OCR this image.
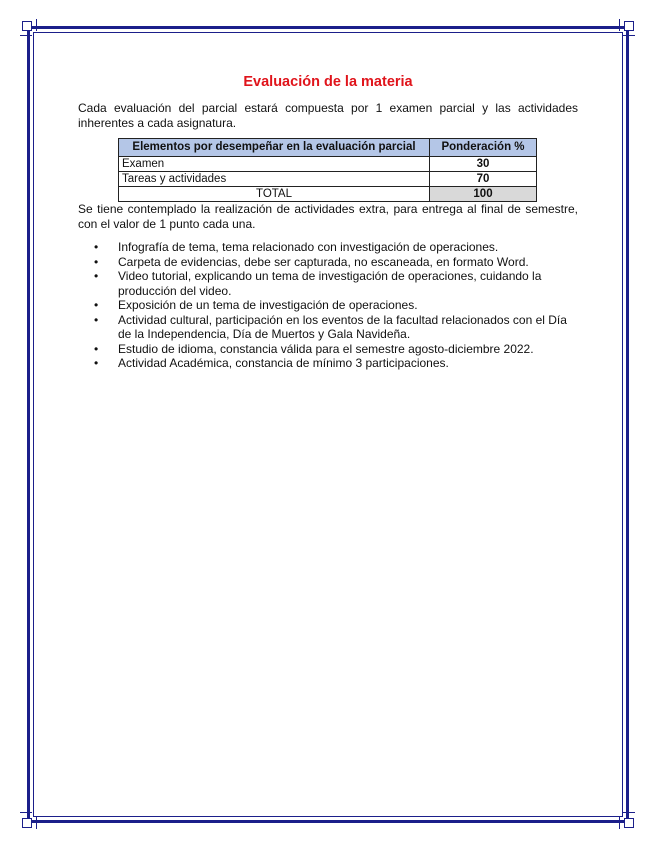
Evaluación de la materia

Cada evaluación del parcial estará compuesta por 1 examen parcial y las actividades inherentes a cada asignatura.

Elementos por desempeñar en la evaluación parcial	Ponderación %
Examen	30
Tareas y actividades	70
TOTAL	100

Se tiene contemplado la realización de actividades extra, para entrega al final de semestre, con el valor de 1 punto cada una.

• Infografía de tema, tema relacionado con investigación de operaciones.
• Carpeta de evidencias, debe ser capturada, no escaneada, en formato Word.
• Video tutorial, explicando un tema de investigación de operaciones, cuidando la producción del video.
• Exposición de un tema de investigación de operaciones.
• Actividad cultural, participación en los eventos de la facultad relacionados con el Día de la Independencia, Día de Muertos y Gala Navideña.
• Estudio de idioma, constancia válida para el semestre agosto-diciembre 2022.
• Actividad Académica, constancia de mínimo 3 participaciones.
